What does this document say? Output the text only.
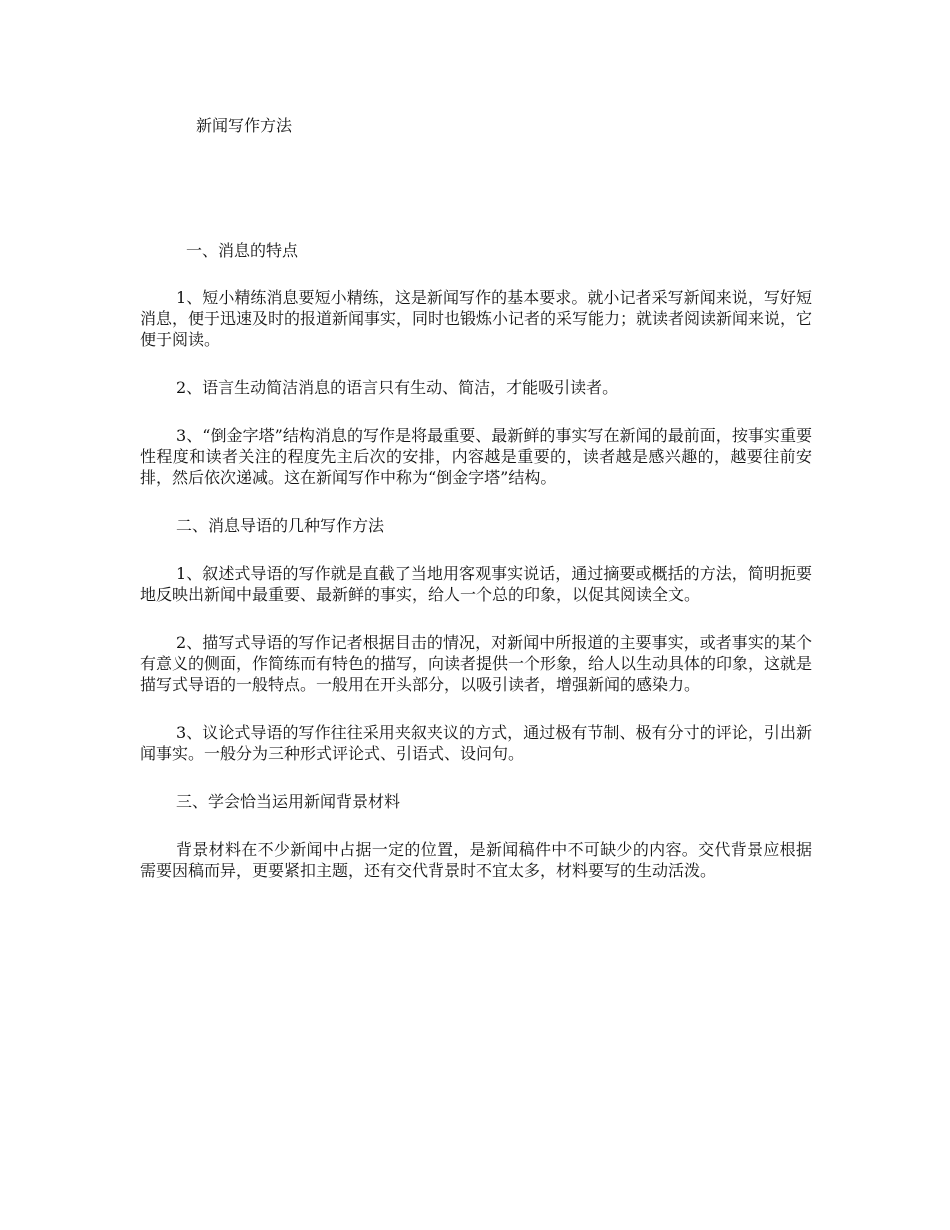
新闻写作方法
一、消息的特点

1、短小精练消息要短小精练，这是新闻写作的基本要求。就小记者采写新闻来说，写好短消息，便于迅速及时的报道新闻事实，同时也锻炼小记者的采写能力；就读者阅读新闻来说，它便于阅读。

2、语言生动简洁消息的语言只有生动、简洁，才能吸引读者。

3、“倒金字塔”结构消息的写作是将最重要、最新鲜的事实写在新闻的最前面，按事实重要性程度和读者关注的程度先主后次的安排，内容越是重要的，读者越是感兴趣的，越要往前安排，然后依次递减。这在新闻写作中称为“倒金字塔”结构。

二、消息导语的几种写作方法

1、叙述式导语的写作就是直截了当地用客观事实说话，通过摘要或概括的方法，简明扼要地反映出新闻中最重要、最新鲜的事实，给人一个总的印象，以促其阅读全文。

2、描写式导语的写作记者根据目击的情况，对新闻中所报道的主要事实，或者事实的某个有意义的侧面，作简练而有特色的描写，向读者提供一个形象，给人以生动具体的印象，这就是描写式导语的一般特点。一般用在开头部分，以吸引读者，增强新闻的感染力。

3、议论式导语的写作往往采用夹叙夹议的方式，通过极有节制、极有分寸的评论，引出新闻事实。一般分为三种形式评论式、引语式、设问句。

三、学会恰当运用新闻背景材料

背景材料在不少新闻中占据一定的位置，是新闻稿件中不可缺少的内容。交代背景应根据需要因稿而异，更要紧扣主题，还有交代背景时不宜太多，材料要写的生动活泼。
